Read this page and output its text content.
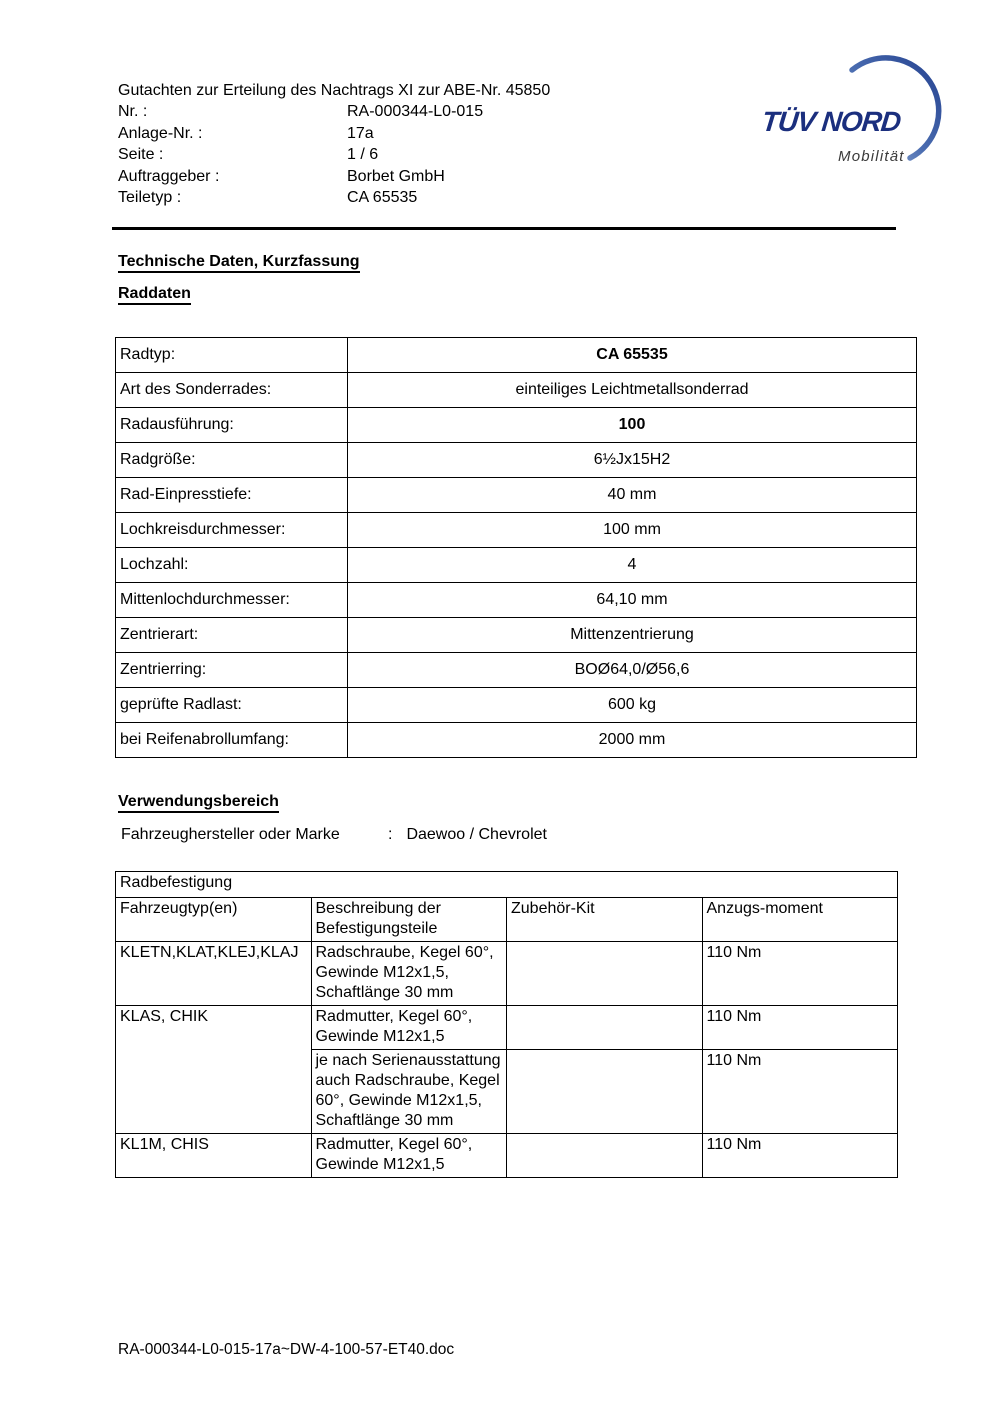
Gutachten zur Erteilung des Nachtrags XI zur ABE-Nr. 45850
Nr. :	RA-000344-L0-015
Anlage-Nr. :	17a
Seite :	1 / 6
Auftraggeber :	Borbet GmbH
Teiletyp :	CA 65535
TÜV NORD
Mobilität
Technische Daten, Kurzfassung
Raddaten
Radtyp:	CA 65535
Art des Sonderrades:	einteiliges Leichtmetallsonderrad
Radausführung:	100
Radgröße:	6½Jx15H2
Rad-Einpresstiefe:	40 mm
Lochkreisdurchmesser:	100 mm
Lochzahl:	4
Mittenlochdurchmesser:	64,10 mm
Zentrierart:	Mittenzentrierung
Zentrierring:	BOØ64,0/Ø56,6
geprüfte Radlast:	600 kg
bei Reifenabrollumfang:	2000 mm
Verwendungsbereich
Fahrzeughersteller oder Marke	: Daewoo / Chevrolet
Radbefestigung			
Fahrzeugtyp(en)	Beschreibung der Befestigungsteile	Zubehör-Kit	Anzugs-moment
KLETN,KLAT,KLEJ,KLAJ	Radschraube, Kegel 60°, Gewinde M12x1,5, Schaftlänge 30 mm		110 Nm
KLAS, CHIK	Radmutter, Kegel 60°, Gewinde M12x1,5		110 Nm
	je nach Serienausstattung auch Radschraube, Kegel 60°, Gewinde M12x1,5, Schaftlänge 30 mm		110 Nm
KL1M, CHIS	Radmutter, Kegel 60°, Gewinde M12x1,5		110 Nm
RA-000344-L0-015-17a~DW-4-100-57-ET40.doc
